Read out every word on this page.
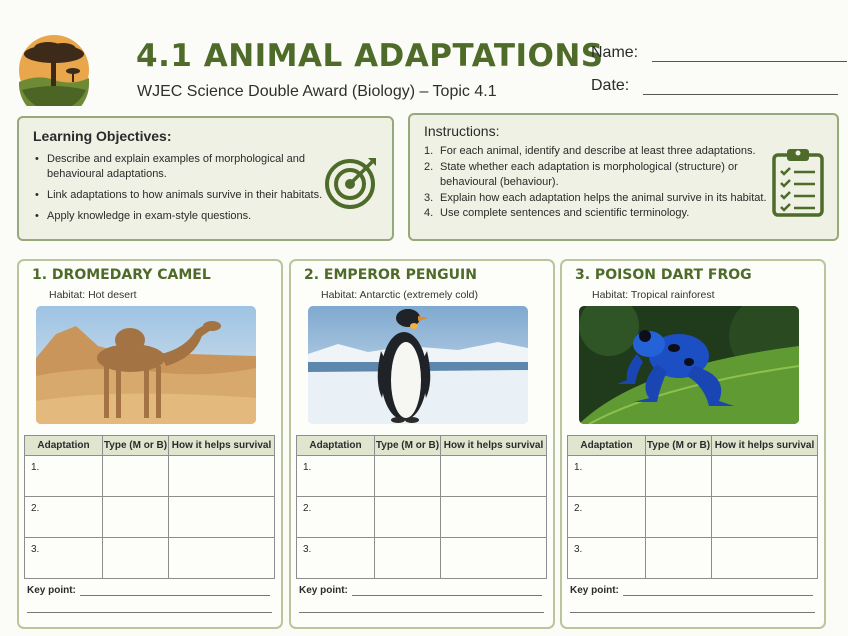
4.1 ANIMAL ADAPTATIONS
WJEC Science Double Award (Biology) – Topic 4.1
Name:
Date:
Learning Objectives:
• Describe and explain examples of morphological and behavioural adaptations.
• Link adaptations to how animals survive in their habitats.
• Apply knowledge in exam-style questions.
Instructions:
1. For each animal, identify and describe at least three adaptations.
2. State whether each adaptation is morphological (structure) or behavioural (behaviour).
3. Explain how each adaptation helps the animal survive in its habitat.
4. Use complete sentences and scientific terminology.
1. DROMEDARY CAMEL
Habitat: Hot desert
Adaptation	Type (M or B)	How it helps survival
1.		
2.		
3.		
Key point:
2. EMPEROR PENGUIN
Habitat: Antarctic (extremely cold)
Adaptation	Type (M or B)	How it helps survival
1.		
2.		
3.		
Key point:
3. POISON DART FROG
Habitat: Tropical rainforest
Adaptation	Type (M or B)	How it helps survival
1.		
2.		
3.		
Key point:
